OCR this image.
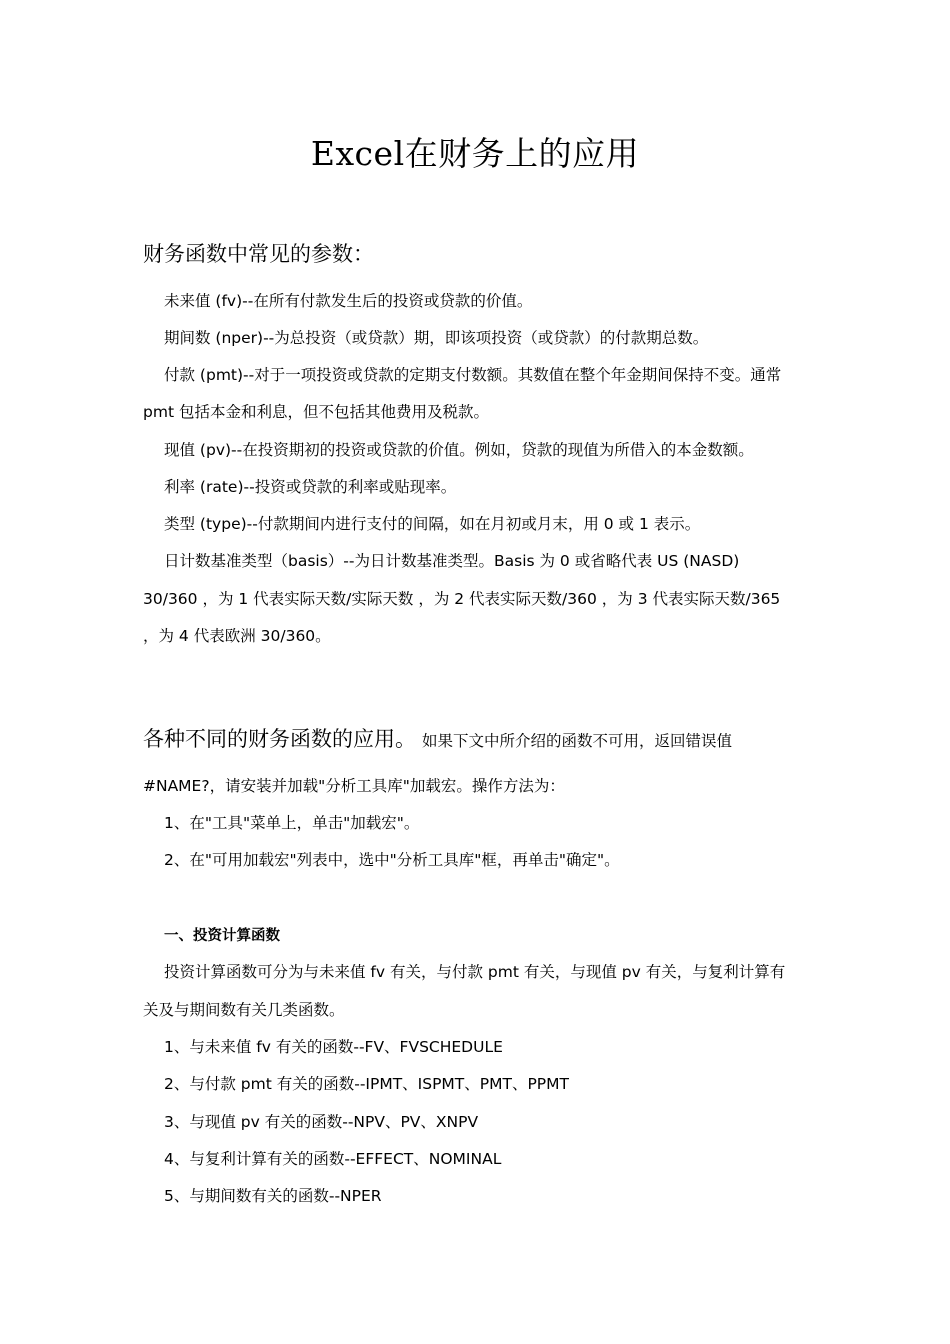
Excel在财务上的应用
财务函数中常见的参数：
未来值 (fv)--在所有付款发生后的投资或贷款的价值。
期间数 (nper)--为总投资（或贷款）期，即该项投资（或贷款）的付款期总数。
付款 (pmt)--对于一项投资或贷款的定期支付数额。其数值在整个年金期间保持不变。通常
pmt 包括本金和利息，但不包括其他费用及税款。
现值 (pv)--在投资期初的投资或贷款的价值。例如，贷款的现值为所借入的本金数额。
利率 (rate)--投资或贷款的利率或贴现率。
类型 (type)--付款期间内进行支付的间隔，如在月初或月末，用 0 或 1 表示。
日计数基准类型（basis）--为日计数基准类型。Basis 为 0 或省略代表 US (NASD)
30/360 ，为 1 代表实际天数/实际天数 ，为 2 代表实际天数/360 ，为 3 代表实际天数/365
，为 4 代表欧洲 30/360。
各种不同的财务函数的应用。 如果下文中所介绍的函数不可用，返回错误值
#NAME?，请安装并加载"分析工具库"加载宏。操作方法为：
1、在"工具"菜单上，单击"加载宏"。
2、在"可用加载宏"列表中，选中"分析工具库"框，再单击"确定"。
一、投资计算函数
投资计算函数可分为与未来值 fv 有关，与付款 pmt 有关，与现值 pv 有关，与复利计算有
关及与期间数有关几类函数。
1、与未来值 fv 有关的函数--FV、FVSCHEDULE
2、与付款 pmt 有关的函数--IPMT、ISPMT、PMT、PPMT
3、与现值 pv 有关的函数--NPV、PV、XNPV
4、与复利计算有关的函数--EFFECT、NOMINAL
5、与期间数有关的函数--NPER
